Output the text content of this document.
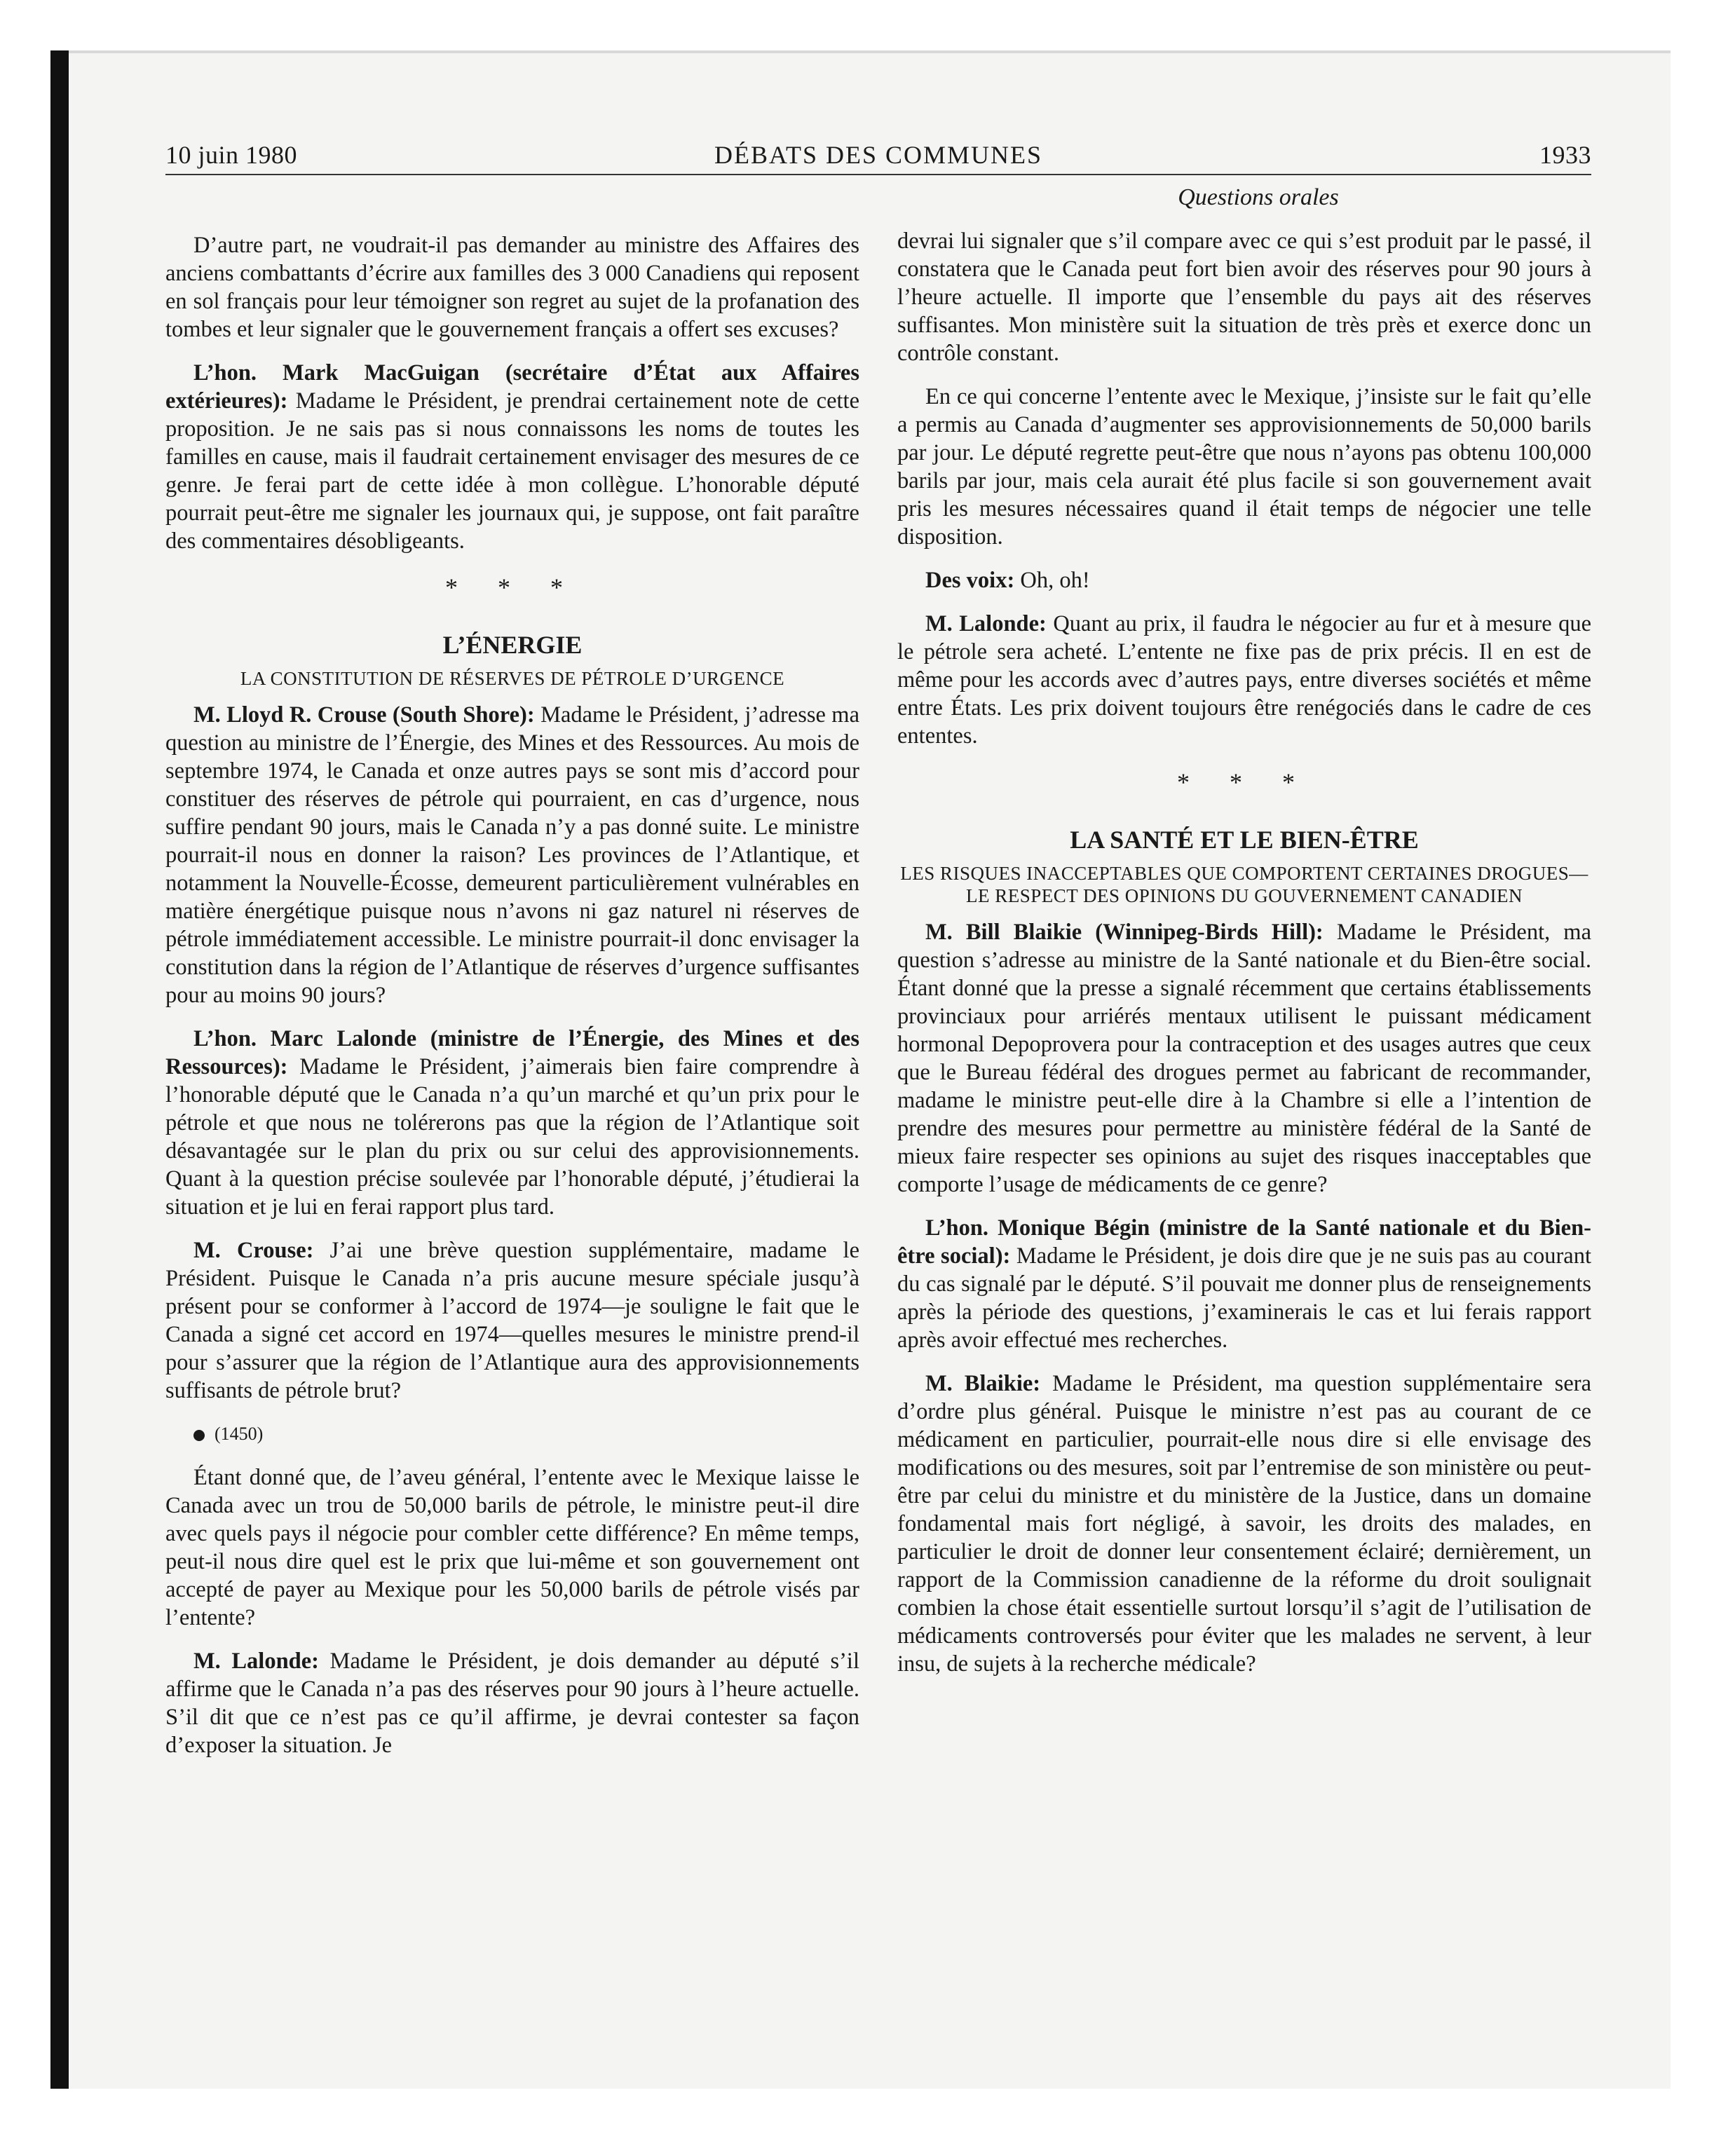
10 juin 1980	DÉBATS DES COMMUNES	1933

D’autre part, ne voudrait-il pas demander au ministre des Affaires des anciens combattants d’écrire aux familles des 3 000 Canadiens qui reposent en sol français pour leur témoigner son regret au sujet de la profanation des tombes et leur signaler que le gouvernement français a offert ses excuses?

L’hon. Mark MacGuigan (secrétaire d’État aux Affaires extérieures): Madame le Président, je prendrai certainement note de cette proposition. Je ne sais pas si nous connaissons les noms de toutes les familles en cause, mais il faudrait certainement envisager des mesures de ce genre. Je ferai part de cette idée à mon collègue. L’honorable député pourrait peut-être me signaler les journaux qui, je suppose, ont fait paraître des commentaires désobligeants.

* * *
L’ÉNERGIE
LA CONSTITUTION DE RÉSERVES DE PÉTROLE D’URGENCE

M. Lloyd R. Crouse (South Shore): Madame le Président, j’adresse ma question au ministre de l’Énergie, des Mines et des Ressources. Au mois de septembre 1974, le Canada et onze autres pays se sont mis d’accord pour constituer des réserves de pétrole qui pourraient, en cas d’urgence, nous suffire pendant 90 jours, mais le Canada n’y a pas donné suite. Le ministre pourrait-il nous en donner la raison? Les provinces de l’Atlantique, et notamment la Nouvelle-Écosse, demeurent particulièrement vulnérables en matière énergétique puisque nous n’avons ni gaz naturel ni réserves de pétrole immédiatement accessible. Le ministre pourrait-il donc envisager la constitution dans la région de l’Atlantique de réserves d’urgence suffisantes pour au moins 90 jours?

L’hon. Marc Lalonde (ministre de l’Énergie, des Mines et des Ressources): Madame le Président, j’aimerais bien faire comprendre à l’honorable député que le Canada n’a qu’un marché et qu’un prix pour le pétrole et que nous ne tolérerons pas que la région de l’Atlantique soit désavantagée sur le plan du prix ou sur celui des approvisionnements. Quant à la question précise soulevée par l’honorable député, j’étudierai la situation et je lui en ferai rapport plus tard.

M. Crouse: J’ai une brève question supplémentaire, madame le Président. Puisque le Canada n’a pris aucune mesure spéciale jusqu’à présent pour se conformer à l’accord de 1974—je souligne le fait que le Canada a signé cet accord en 1974—quelles mesures le ministre prend-il pour s’assurer que la région de l’Atlantique aura des approvisionnements suffisants de pétrole brut?

(1450)

Étant donné que, de l’aveu général, l’entente avec le Mexique laisse le Canada avec un trou de 50,000 barils de pétrole, le ministre peut-il dire avec quels pays il négocie pour combler cette différence? En même temps, peut-il nous dire quel est le prix que lui-même et son gouvernement ont accepté de payer au Mexique pour les 50,000 barils de pétrole visés par l’entente?

M. Lalonde: Madame le Président, je dois demander au député s’il affirme que le Canada n’a pas des réserves pour 90 jours à l’heure actuelle. S’il dit que ce n’est pas ce qu’il affirme, je devrai contester sa façon d’exposer la situation. Je

Questions orales

devrai lui signaler que s’il compare avec ce qui s’est produit par le passé, il constatera que le Canada peut fort bien avoir des réserves pour 90 jours à l’heure actuelle. Il importe que l’ensemble du pays ait des réserves suffisantes. Mon ministère suit la situation de très près et exerce donc un contrôle constant.

En ce qui concerne l’entente avec le Mexique, j’insiste sur le fait qu’elle a permis au Canada d’augmenter ses approvisionnements de 50,000 barils par jour. Le député regrette peut-être que nous n’ayons pas obtenu 100,000 barils par jour, mais cela aurait été plus facile si son gouvernement avait pris les mesures nécessaires quand il était temps de négocier une telle disposition.

Des voix: Oh, oh!

M. Lalonde: Quant au prix, il faudra le négocier au fur et à mesure que le pétrole sera acheté. L’entente ne fixe pas de prix précis. Il en est de même pour les accords avec d’autres pays, entre diverses sociétés et même entre États. Les prix doivent toujours être renégociés dans le cadre de ces ententes.

* * *
LA SANTÉ ET LE BIEN-ÊTRE
LES RISQUES INACCEPTABLES QUE COMPORTENT CERTAINES DROGUES—LE RESPECT DES OPINIONS DU GOUVERNEMENT CANADIEN

M. Bill Blaikie (Winnipeg-Birds Hill): Madame le Président, ma question s’adresse au ministre de la Santé nationale et du Bien-être social. Étant donné que la presse a signalé récemment que certains établissements provinciaux pour arriérés mentaux utilisent le puissant médicament hormonal Depoprovera pour la contraception et des usages autres que ceux que le Bureau fédéral des drogues permet au fabricant de recommander, madame le ministre peut-elle dire à la Chambre si elle a l’intention de prendre des mesures pour permettre au ministère fédéral de la Santé de mieux faire respecter ses opinions au sujet des risques inacceptables que comporte l’usage de médicaments de ce genre?

L’hon. Monique Bégin (ministre de la Santé nationale et du Bien-être social): Madame le Président, je dois dire que je ne suis pas au courant du cas signalé par le député. S’il pouvait me donner plus de renseignements après la période des questions, j’examinerais le cas et lui ferais rapport après avoir effectué mes recherches.

M. Blaikie: Madame le Président, ma question supplémentaire sera d’ordre plus général. Puisque le ministre n’est pas au courant de ce médicament en particulier, pourrait-elle nous dire si elle envisage des modifications ou des mesures, soit par l’entremise de son ministère ou peut-être par celui du ministre et du ministère de la Justice, dans un domaine fondamental mais fort négligé, à savoir, les droits des malades, en particulier le droit de donner leur consentement éclairé; dernièrement, un rapport de la Commission canadienne de la réforme du droit soulignait combien la chose était essentielle surtout lorsqu’il s’agit de l’utilisation de médicaments controversés pour éviter que les malades ne servent, à leur insu, de sujets à la recherche médicale?
